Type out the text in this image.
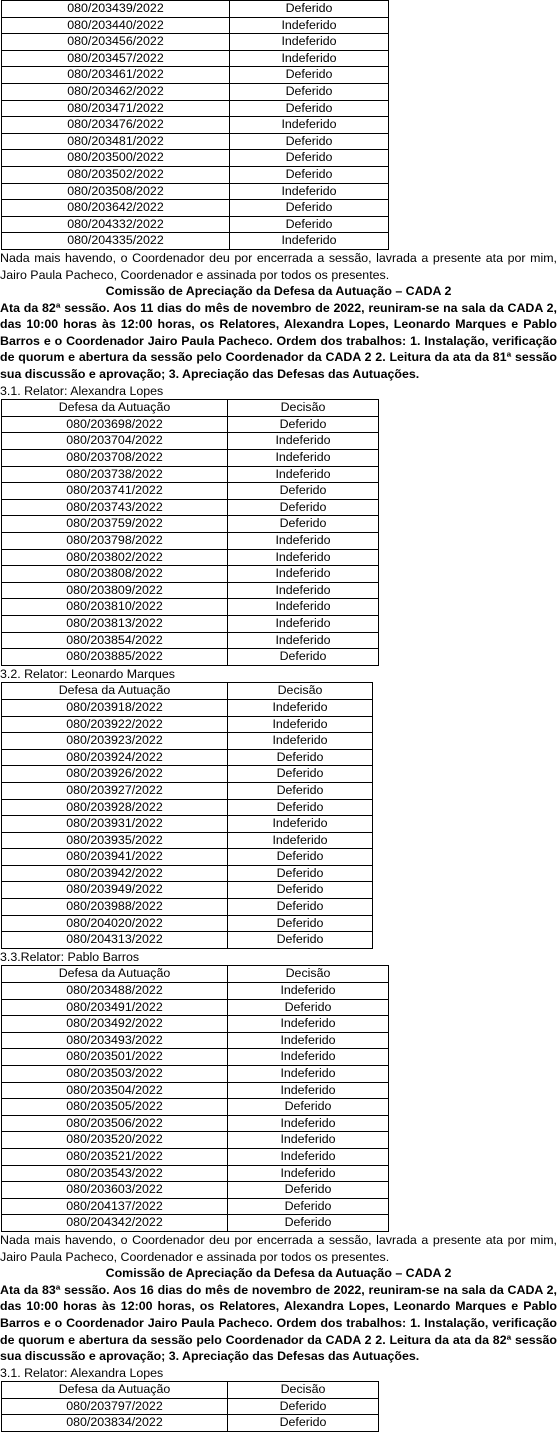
080/203439/2022	Deferido
080/203440/2022	Indeferido
080/203456/2022	Indeferido
080/203457/2022	Indeferido
080/203461/2022	Deferido
080/203462/2022	Deferido
080/203471/2022	Deferido
080/203476/2022	Indeferido
080/203481/2022	Deferido
080/203500/2022	Deferido
080/203502/2022	Deferido
080/203508/2022	Indeferido
080/203642/2022	Deferido
080/204332/2022	Deferido
080/204335/2022	Indeferido

Nada mais havendo, o Coordenador deu por encerrada a sessão, lavrada a presente ata por mim, Jairo Paula Pacheco, Coordenador e assinada por todos os presentes.

Comissão de Apreciação da Defesa da Autuação – CADA 2

Ata da 82ª sessão. Aos 11 dias do mês de novembro de 2022, reuniram-se na sala da CADA 2, das 10:00 horas às 12:00 horas, os Relatores, Alexandra Lopes, Leonardo Marques e Pablo Barros e o Coordenador Jairo Paula Pacheco. Ordem dos trabalhos: 1. Instalação, verificação de quorum e abertura da sessão pelo Coordenador da CADA 2 2. Leitura da ata da 81ª sessão sua discussão e aprovação; 3. Apreciação das Defesas das Autuações.

3.1. Relator: Alexandra Lopes

Defesa da Autuação	Decisão
080/203698/2022	Deferido
080/203704/2022	Indeferido
080/203708/2022	Indeferido
080/203738/2022	Indeferido
080/203741/2022	Deferido
080/203743/2022	Deferido
080/203759/2022	Deferido
080/203798/2022	Indeferido
080/203802/2022	Indeferido
080/203808/2022	Indeferido
080/203809/2022	Indeferido
080/203810/2022	Indeferido
080/203813/2022	Indeferido
080/203854/2022	Indeferido
080/203885/2022	Deferido

3.2. Relator: Leonardo Marques

Defesa da Autuação	Decisão
080/203918/2022	Indeferido
080/203922/2022	Indeferido
080/203923/2022	Indeferido
080/203924/2022	Deferido
080/203926/2022	Deferido
080/203927/2022	Deferido
080/203928/2022	Deferido
080/203931/2022	Indeferido
080/203935/2022	Indeferido
080/203941/2022	Deferido
080/203942/2022	Deferido
080/203949/2022	Deferido
080/203988/2022	Deferido
080/204020/2022	Deferido
080/204313/2022	Deferido

3.3.Relator: Pablo Barros

Defesa da Autuação	Decisão
080/203488/2022	Indeferido
080/203491/2022	Deferido
080/203492/2022	Indeferido
080/203493/2022	Indeferido
080/203501/2022	Indeferido
080/203503/2022	Indeferido
080/203504/2022	Indeferido
080/203505/2022	Deferido
080/203506/2022	Indeferido
080/203520/2022	Indeferido
080/203521/2022	Indeferido
080/203543/2022	Indeferido
080/203603/2022	Deferido
080/204137/2022	Deferido
080/204342/2022	Deferido

Nada mais havendo, o Coordenador deu por encerrada a sessão, lavrada a presente ata por mim, Jairo Paula Pacheco, Coordenador e assinada por todos os presentes.

Comissão de Apreciação da Defesa da Autuação – CADA 2

Ata da 83ª sessão. Aos 16 dias do mês de novembro de 2022, reuniram-se na sala da CADA 2, das 10:00 horas às 12:00 horas, os Relatores, Alexandra Lopes, Leonardo Marques e Pablo Barros e o Coordenador Jairo Paula Pacheco. Ordem dos trabalhos: 1. Instalação, verificação de quorum e abertura da sessão pelo Coordenador da CADA 2 2. Leitura da ata da 82ª sessão sua discussão e aprovação; 3. Apreciação das Defesas das Autuações.

3.1. Relator: Alexandra Lopes

Defesa da Autuação	Decisão
080/203797/2022	Deferido
080/203834/2022	Deferido
